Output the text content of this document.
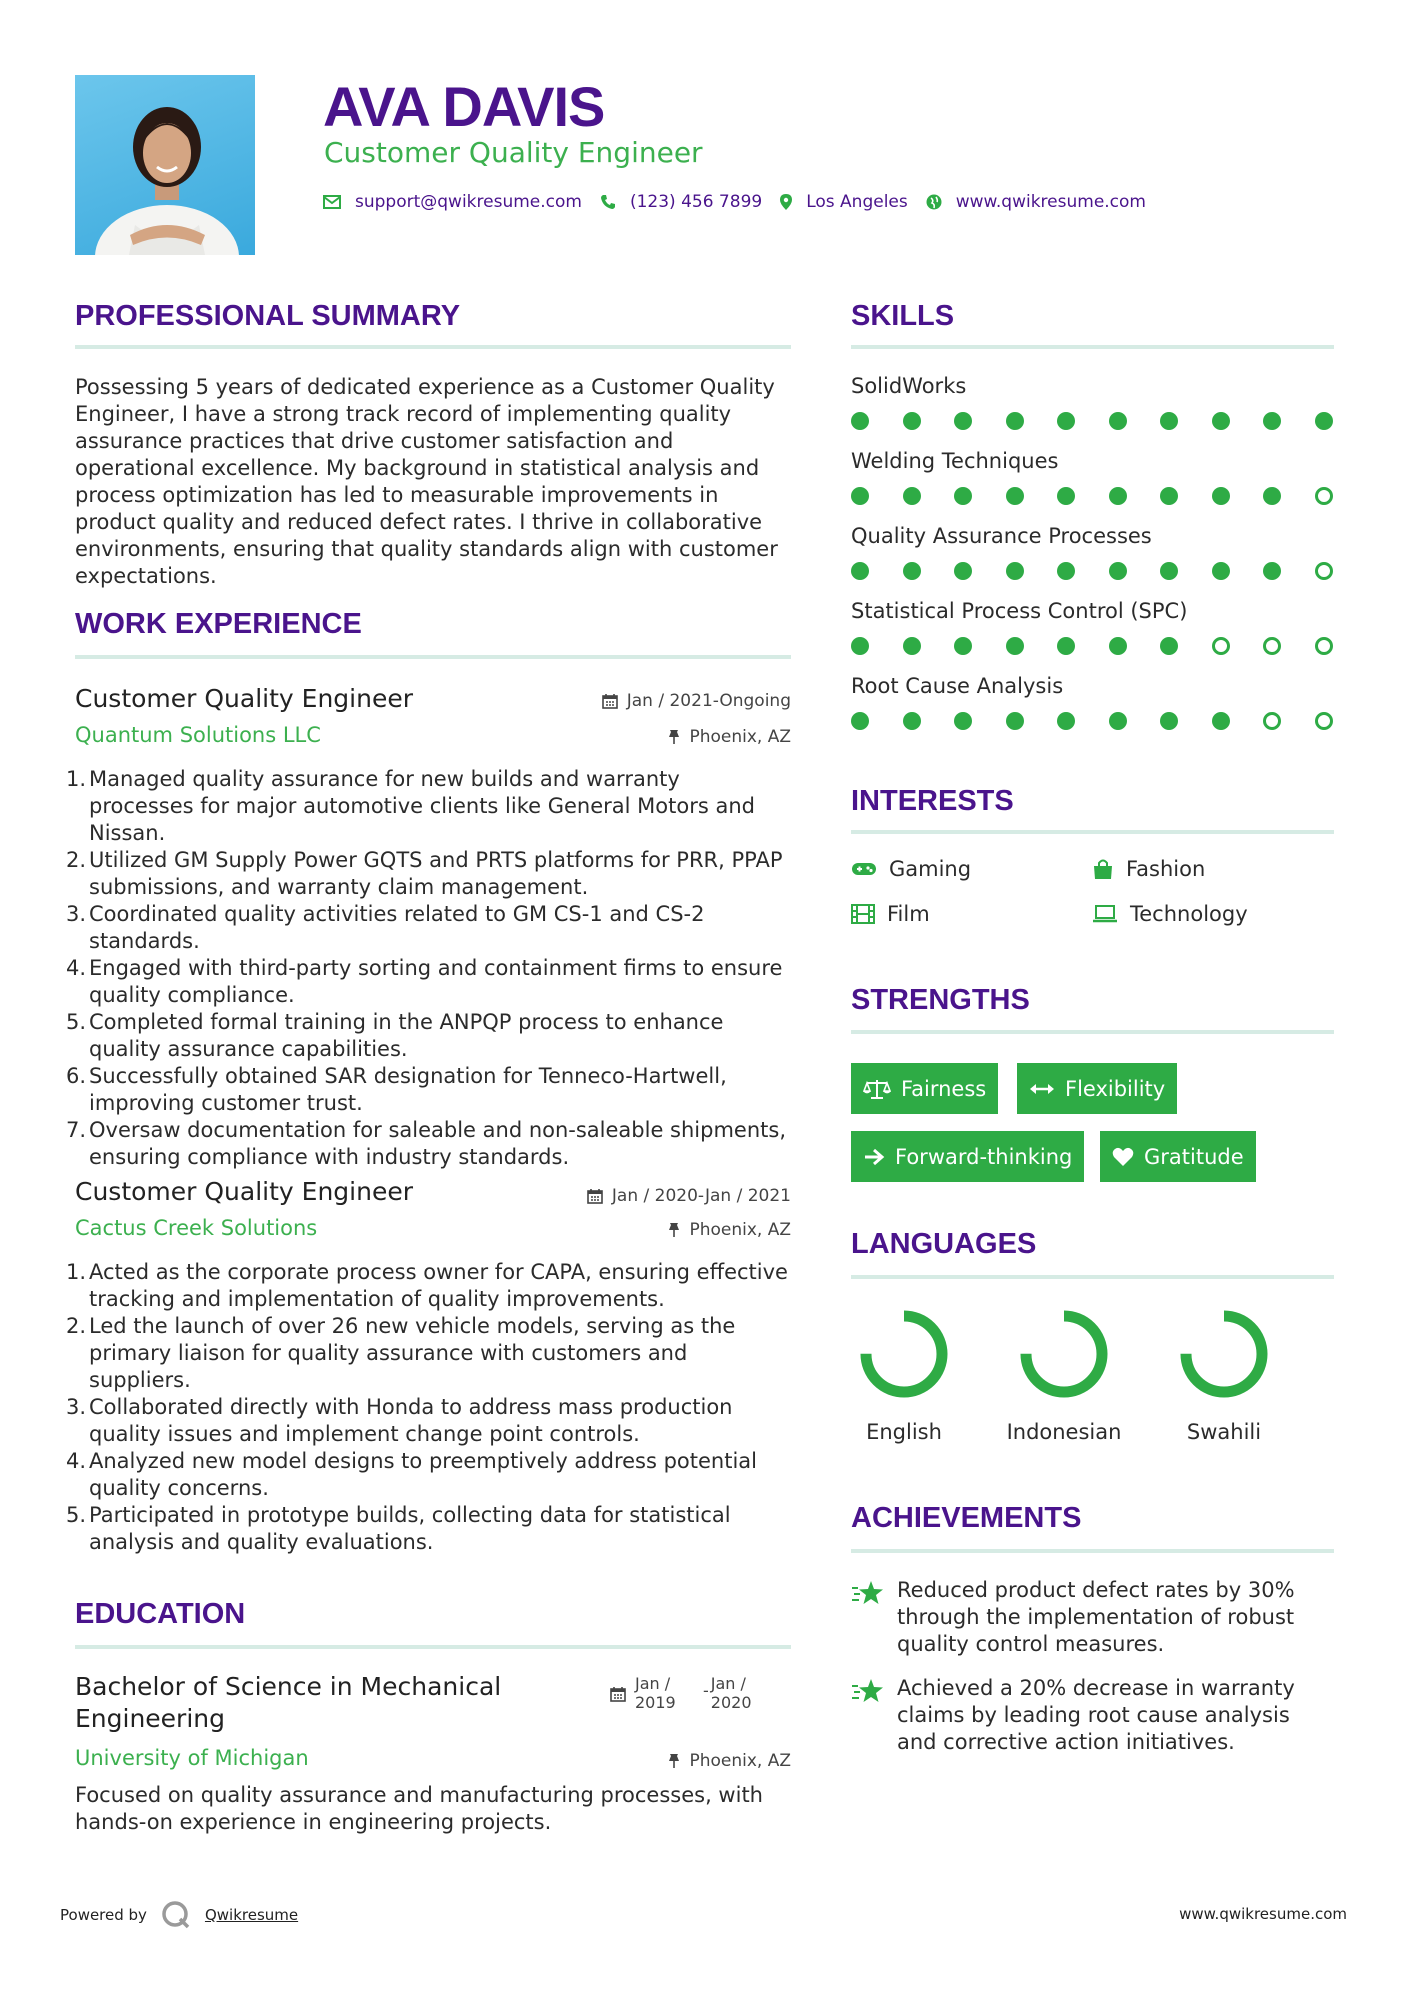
AVA DAVIS
Customer Quality Engineer
support@qwikresume.com	(123) 456 7899	Los Angeles	www.qwikresume.com
PROFESSIONAL SUMMARY
Possessing 5 years of dedicated experience as a Customer Quality Engineer, I have a strong track record of implementing quality assurance practices that drive customer satisfaction and operational excellence. My background in statistical analysis and process optimization has led to measurable improvements in product quality and reduced defect rates. I thrive in collaborative environments, ensuring that quality standards align with customer expectations.
WORK EXPERIENCE
Customer Quality Engineer	Jan / 2021-Ongoing
Quantum Solutions LLC	Phoenix, AZ
1. Managed quality assurance for new builds and warranty processes for major automotive clients like General Motors and Nissan.
2. Utilized GM Supply Power GQTS and PRTS platforms for PRR, PPAP submissions, and warranty claim management.
3. Coordinated quality activities related to GM CS-1 and CS-2 standards.
4. Engaged with third-party sorting and containment firms to ensure quality compliance.
5. Completed formal training in the ANPQP process to enhance quality assurance capabilities.
6. Successfully obtained SAR designation for Tenneco-Hartwell, improving customer trust.
7. Oversaw documentation for saleable and non-saleable shipments, ensuring compliance with industry standards.
Customer Quality Engineer	Jan / 2020-Jan / 2021
Cactus Creek Solutions	Phoenix, AZ
1. Acted as the corporate process owner for CAPA, ensuring effective tracking and implementation of quality improvements.
2. Led the launch of over 26 new vehicle models, serving as the primary liaison for quality assurance with customers and suppliers.
3. Collaborated directly with Honda to address mass production quality issues and implement change point controls.
4. Analyzed new model designs to preemptively address potential quality concerns.
5. Participated in prototype builds, collecting data for statistical analysis and quality evaluations.
EDUCATION
Bachelor of Science in Mechanical Engineering
Jan / 2019
- Jan / 2020
University of Michigan	Phoenix, AZ
Focused on quality assurance and manufacturing processes, with hands-on experience in engineering projects.
SKILLS
SolidWorks
Welding Techniques
Quality Assurance Processes
Statistical Process Control (SPC)
Root Cause Analysis
INTERESTS
Gaming	Fashion
Film	Technology
STRENGTHS
Fairness	Flexibility
Forward-thinking	Gratitude
LANGUAGES
English	Indonesian	Swahili
ACHIEVEMENTS
Reduced product defect rates by 30% through the implementation of robust quality control measures.
Achieved a 20% decrease in warranty claims by leading root cause analysis and corrective action initiatives.
Powered by	Qwikresume	www.qwikresume.com
